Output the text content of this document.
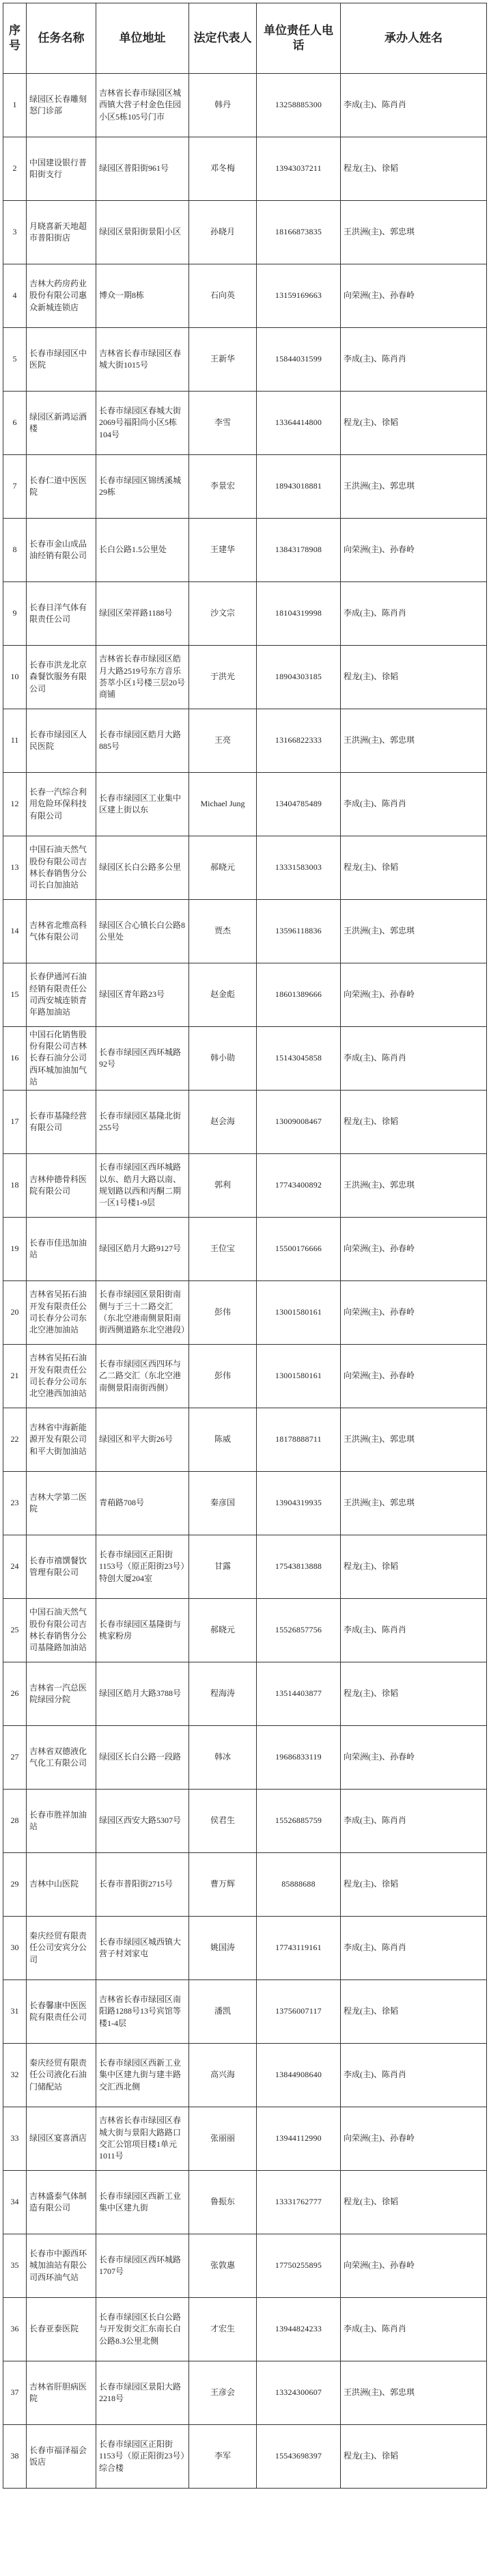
序号	任务名称	单位地址	法定代表人	单位责任人电话	承办人姓名
1	绿园区长春雕刻怒门诊部	吉林省长春市绿园区城西镇大营子村金色佳园小区5栋105号门市	韩丹	13258885300	李成(主)、陈肖肖
2	中国建设银行普阳街支行	绿园区普阳街961号	邓冬梅	13943037211	程龙(主)、徐韬
3	月晓喜新天地超市普阳街店	绿园区景阳街景阳小区	孙晓月	18166873835	王洪洲(主)、郭忠琪
4	吉林大药房药业股份有限公司惠众新城连锁店	博众一期8栋	石向英	13159169663	向荣洲(主)、孙春岭
5	长春市绿园区中医院	吉林省长春市绿园区春城大街1015号	王新华	15844031599	李成(主)、陈肖肖
6	绿园区新鸿运酒楼	长春市绿园区春城大街2069号福阳尚小区5栋104号	李雪	13364414800	程龙(主)、徐韬
7	长春仁道中医医院	长春市绿园区锦绣溪城29栋	李景宏	18943018881	王洪洲(主)、郭忠琪
8	长春市金山成品油经销有限公司	长白公路1.5公里处	王建华	13843178908	向荣洲(主)、孙春岭
9	长春日洋气体有限责任公司	绿园区荣祥路1188号	沙文宗	18104319998	李成(主)、陈肖肖
10	长春市洪龙北京森餐饮服务有限公司	吉林省长春市绿园区皓月大路2519号东方音乐荟萃小区1号楼三层20号商铺	于洪光	18904303185	程龙(主)、徐韬
11	长春市绿园区人民医院	长春市绿园区皓月大路885号	王亮	13166822333	王洪洲(主)、郭忠琪
12	长春一汽综合利用危险环保科技有限公司	长春市绿园区工业集中区建上街以东	Michael Jung	13404785489	李成(主)、陈肖肖
13	中国石油天然气股份有限公司吉林长春销售分公司长白加油站	绿园区长白公路多公里	郝晓元	13331583003	程龙(主)、徐韬
14	吉林省北维高科气体有限公司	绿园区合心镇长白公路8公里处	贾杰	13596118836	王洪洲(主)、郭忠琪
15	长春伊通河石油经销有限责任公司西安城连锁青年路加油站	绿园区青年路23号	赵金彪	18601389666	向荣洲(主)、孙春岭
16	中国石化销售股份有限公司吉林长春石油分公司西环城加油加气站	长春市绿园区西环城路92号	韩小勋	15143045858	李成(主)、陈肖肖
17	长春市基隆经营有限公司	长春市绿园区基隆北街255号	赵会海	13009008467	程龙(主)、徐韬
18	吉林仲德骨科医院有限公司	长春市绿园区西环城路以东、皓月大路以南、规划路以西和丙酮二期一区1号楼1-9层	郭利	17743400892	王洪洲(主)、郭忠琪
19	长春市佳迅加油站	绿园区皓月大路9127号	王位宝	15500176666	向荣洲(主)、孙春岭
20	吉林省吴拓石油开发有限责任公司长春分公司东北空港加油站	长春市绿园区景阳街南侧与于三十二路交汇（东北空港南侧景阳南街西侧道路东北空港段）	彭伟	13001580161	向荣洲(主)、孙春岭
21	吉林省吴拓石油开发有限责任公司长春分公司东北空港西加油站	长春市绿园区西四环与乙二路交汇（东北空港南侧景阳南街西侧）	彭伟	13001580161	向荣洲(主)、孙春岭
22	吉林省中海新能源开发有限公司和平大街加油站	绿园区和平大街26号	陈威	18178888711	王洪洲(主)、郭忠琪
23	吉林大学第二医院	青葙路708号	秦彦国	13904319935	王洪洲(主)、郭忠琪
24	长春市禧馔餐饮管理有限公司	长春市绿园区正阳街1153号（原正阳街23号）特创大厦204室	甘露	17543813888	程龙(主)、徐韬
25	中国石油天然气股份有限公司吉林长春销售分公司基隆路加油站	长春市绿园区基隆街与桃家粉房	郝晓元	15526857756	李成(主)、陈肖肖
26	吉林省一汽总医院绿园分院	绿园区皓月大路3788号	程海涛	13514403877	程龙(主)、徐韬
27	吉林省双德液化气化工有限公司	绿园区长白公路一段路	韩冰	19686833119	向荣洲(主)、孙春岭
28	长春市胜祥加油站	绿园区西安大路5307号	侯君生	15526885759	李成(主)、陈肖肖
29	吉林中山医院	长春市普阳街2715号	曹万辉	85888688	程龙(主)、徐韬
30	秦庆经贸有限责任公司安宾分公司	长春市绿园区城西镇大营子村刘家屯	姚国涛	17743119161	李成(主)、陈肖肖
31	长春馨康中医医院有限责任公司	吉林省长春市绿园区南阳路1288号13号宾馆等楼1-4层	潘凯	13756007117	程龙(主)、徐韬
32	秦庆经贸有限责任公司液化石油门储配站	长春市绿园区西新工业集中区建九街与建丰路交汇西北侧	高兴海	13844908640	李成(主)、陈肖肖
33	绿园区宴喜酒店	吉林省长春市绿园区春城大街与景阳大路路口交汇公馆项目楼1单元1011号	张丽丽	13944112990	向荣洲(主)、孙春岭
34	吉林盛泰气体制造有限公司	长春市绿园区西新工业集中区建九街	鲁振东	13331762777	程龙(主)、徐韬
35	长春市中源西环城加油站有限公司西环油气站	长春市绿园区西环城路1707号	张敦惠	17750255895	向荣洲(主)、孙春岭
36	长春亚泰医院	长春市绿园区长白公路与开发街交汇东南长白公路8.3公里北侧	才宏生	13944824233	李成(主)、陈肖肖
37	吉林省肝胆病医院	长春市绿园区景阳大路2218号	王彦会	13324300607	王洪洲(主)、郭忠琪
38	长春市福泽福会饭店	长春市绿园区正阳街1153号（原正阳街23号）综合楼	李军	15543698397	程龙(主)、徐韬
